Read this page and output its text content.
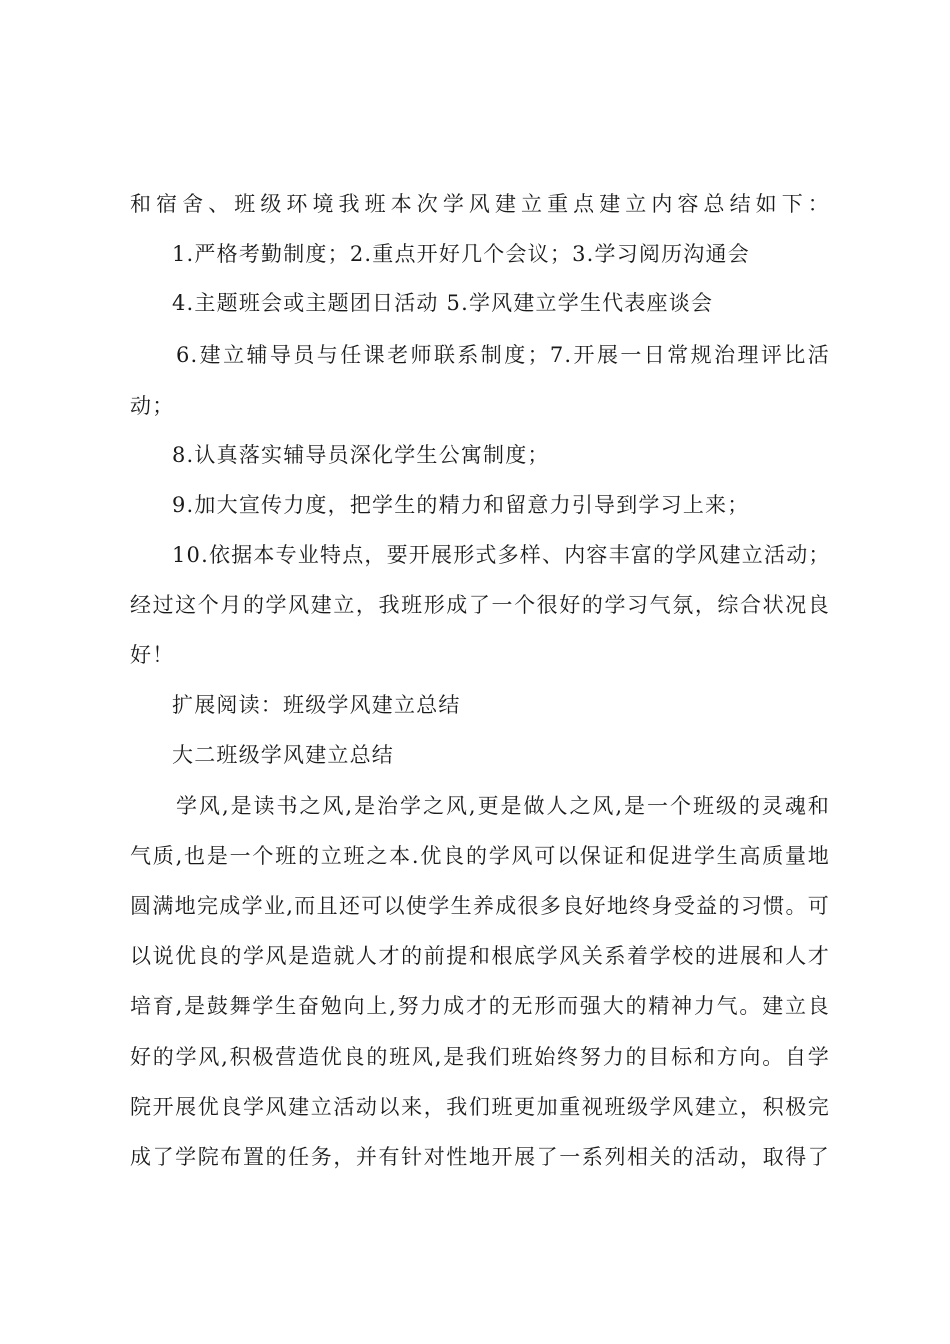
和宿舍、班级环境我班本次学风建立重点建立内容总结如下：
1.严格考勤制度；2.重点开好几个会议；3.学习阅历沟通会
4.主题班会或主题团日活动 5.学风建立学生代表座谈会
6.建立辅导员与任课老师联系制度；7.开展一日常规治理评比活
动；
8.认真落实辅导员深化学生公寓制度；
9.加大宣传力度，把学生的精力和留意力引导到学习上来；
10.依据本专业特点，要开展形式多样、内容丰富的学风建立活动；
经过这个月的学风建立，我班形成了一个很好的学习气氛，综合状况良
好！
扩展阅读：班级学风建立总结
大二班级学风建立总结
学风,是读书之风,是治学之风,更是做人之风,是一个班级的灵魂和
气质,也是一个班的立班之本.优良的学风可以保证和促进学生高质量地
圆满地完成学业,而且还可以使学生养成很多良好地终身受益的习惯。可
以说优良的学风是造就人才的前提和根底学风关系着学校的进展和人才
培育,是鼓舞学生奋勉向上,努力成才的无形而强大的精神力气。建立良
好的学风,积极营造优良的班风,是我们班始终努力的目标和方向。自学
院开展优良学风建立活动以来，我们班更加重视班级学风建立，积极完
成了学院布置的任务，并有针对性地开展了一系列相关的活动，取得了
